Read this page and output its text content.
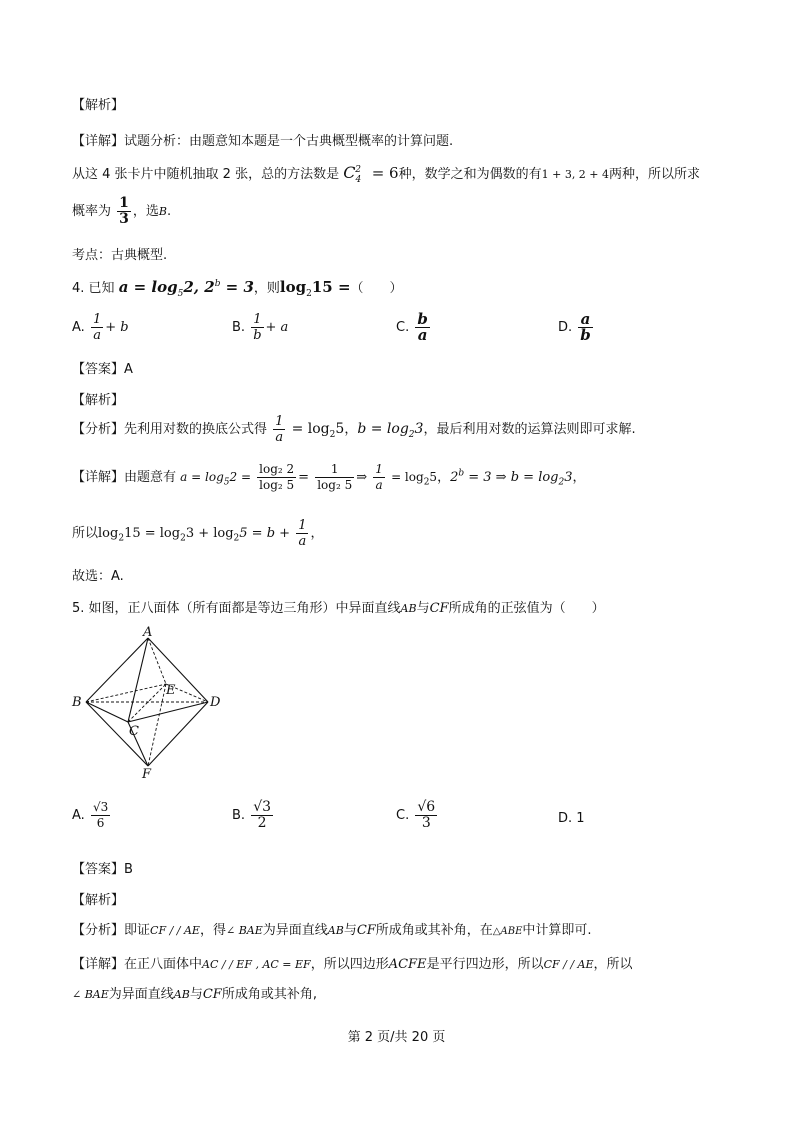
【解析】
【详解】试题分析：由题意知本题是一个古典概型概率的计算问题.
从这 4 张卡片中随机抽取 2 张，总的方法数是 $C_4^2 = 6$种，数学之和为偶数的有1 + 3, 2 + 4两种，所以所求
概率为 $\frac{1}{3}$ ，选B.
考点：古典概型.
4. 已知 $a = \log_52$, $2^b = 3$，则$\log_215$ =（　　）
A. $\frac{1}{a} + b$	B. $\frac{1}{b} + a$	C. $\frac{b}{a}$	D. $\frac{a}{b}$
【答案】A
【解析】
【分析】先利用对数的换底公式得 $\frac{1}{a} = \log_25$，$b = \log_23$，最后利用对数的运算法则即可求解.
【详解】由题意有 $a = \log_52 = \frac{\text{log₂ 2}}{\text{log₂ 5}} = \frac{1}{\text{log₂ 5}}$ ⇒ $\frac{1}{a} = \log_25$，$2^b = 3$ ⇒ $b = \log_23$，
所以$\log_215 = \log_23 + \log_25 = b + \frac{1}{a}$ ，
故选：A.
5. 如图，正八面体（所有面都是等边三角形）中异面直线AB与CF所成角的正弦值为（　　）
A
B
C
D
E
F
A. $\frac{√3}{6}$	B. $\frac{√3}{2}$	C. $\frac{√6}{3}$	D. 1
【答案】B
【解析】
【分析】即证CF / / AE，得∠ BAE为异面直线AB与CF所成角或其补角，在△ABE中计算即可.
【详解】在正八面体中AC / / EF , AC = EF，所以四边形ACFE是平行四边形，所以CF / / AE，所以
∠ BAE为异面直线AB与CF所成角或其补角,
第 2 页/共 20 页
